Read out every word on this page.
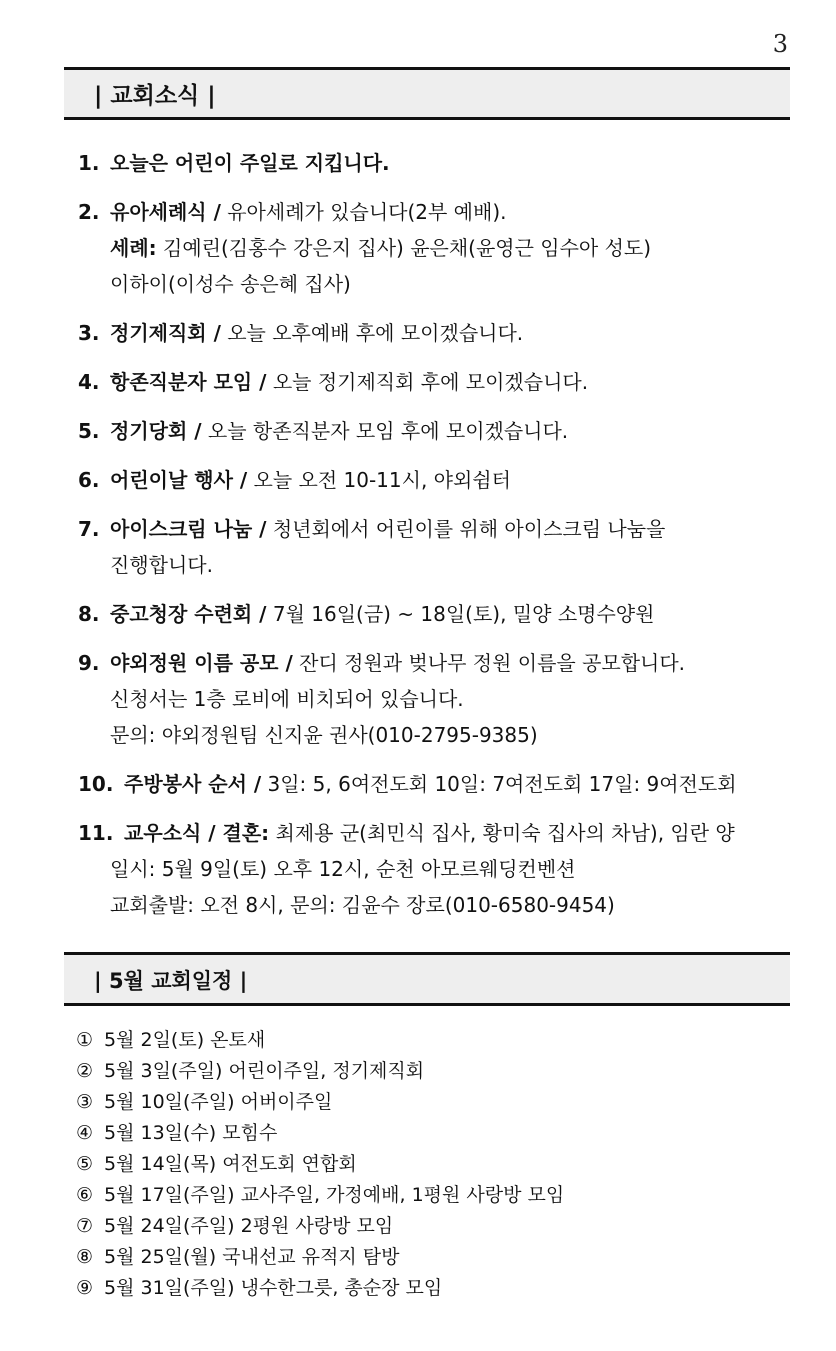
3
| 교회소식 |
1. 오늘은 어린이 주일로 지킵니다.
2. 유아세례식 / 유아세례가 있습니다(2부 예배).
세례: 김예린(김홍수 강은지 집사) 윤은채(윤영근 임수아 성도)
이하이(이성수 송은혜 집사)
3. 정기제직회 / 오늘 오후예배 후에 모이겠습니다.
4. 항존직분자 모임 / 오늘 정기제직회 후에 모이겠습니다.
5. 정기당회 / 오늘 항존직분자 모임 후에 모이겠습니다.
6. 어린이날 행사 / 오늘 오전 10-11시, 야외쉼터
7. 아이스크림 나눔 / 청년회에서 어린이를 위해 아이스크림 나눔을
진행합니다.
8. 중고청장 수련회 / 7월 16일(금) ~ 18일(토), 밀양 소명수양원
9. 야외정원 이름 공모 / 잔디 정원과 벚나무 정원 이름을 공모합니다.
신청서는 1층 로비에 비치되어 있습니다.
문의: 야외정원팀 신지윤 권사(010-2795-9385)
10. 주방봉사 순서 / 3일: 5, 6여전도회 10일: 7여전도회 17일: 9여전도회
11. 교우소식 / 결혼: 최제용 군(최민식 집사, 황미숙 집사의 차남), 임란 양
일시: 5월 9일(토) 오후 12시, 순천 아모르웨딩컨벤션
교회출발: 오전 8시, 문의: 김윤수 장로(010-6580-9454)
| 5월 교회일정 |
① 5월 2일(토) 온토새
② 5월 3일(주일) 어린이주일, 정기제직회
③ 5월 10일(주일) 어버이주일
④ 5월 13일(수) 모힘수
⑤ 5월 14일(목) 여전도회 연합회
⑥ 5월 17일(주일) 교사주일, 가정예배, 1평원 사랑방 모임
⑦ 5월 24일(주일) 2평원 사랑방 모임
⑧ 5월 25일(월) 국내선교 유적지 탐방
⑨ 5월 31일(주일) 냉수한그릇, 총순장 모임
